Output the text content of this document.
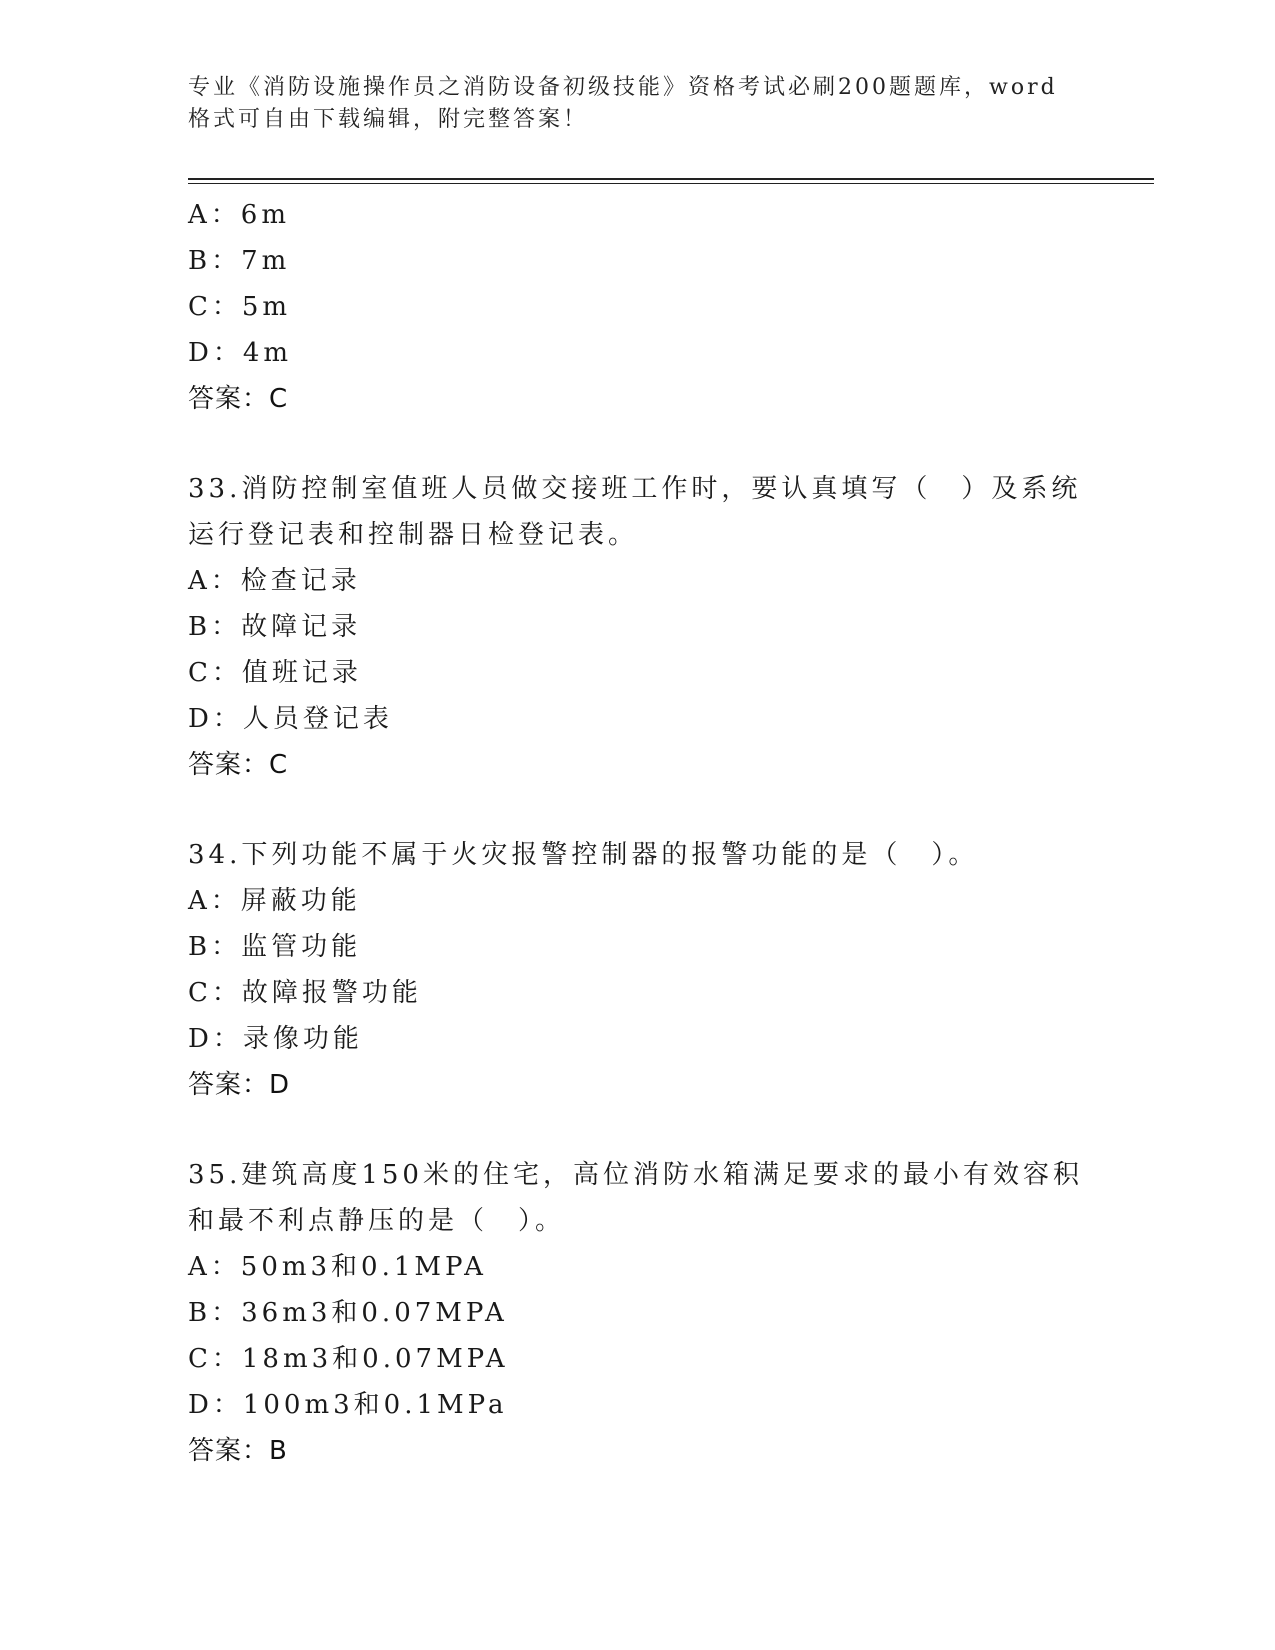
专业《消防设施操作员之消防设备初级技能》资格考试必刷200题题库，word格式可自由下载编辑，附完整答案！
A：6m
B：7m
C：5m
D：4m
答案：C
33.消防控制室值班人员做交接班工作时，要认真填写（　）及系统运行登记表和控制器日检登记表。
A：检查记录
B：故障记录
C：值班记录
D：人员登记表
答案：C
34.下列功能不属于火灾报警控制器的报警功能的是（　）。
A：屏蔽功能
B：监管功能
C：故障报警功能
D：录像功能
答案：D
35.建筑高度150米的住宅，高位消防水箱满足要求的最小有效容积和最不利点静压的是（　）。
A：50m3和0.1MPA
B：36m3和0.07MPA
C：18m3和0.07MPA
D：100m3和0.1MPa
答案：B
